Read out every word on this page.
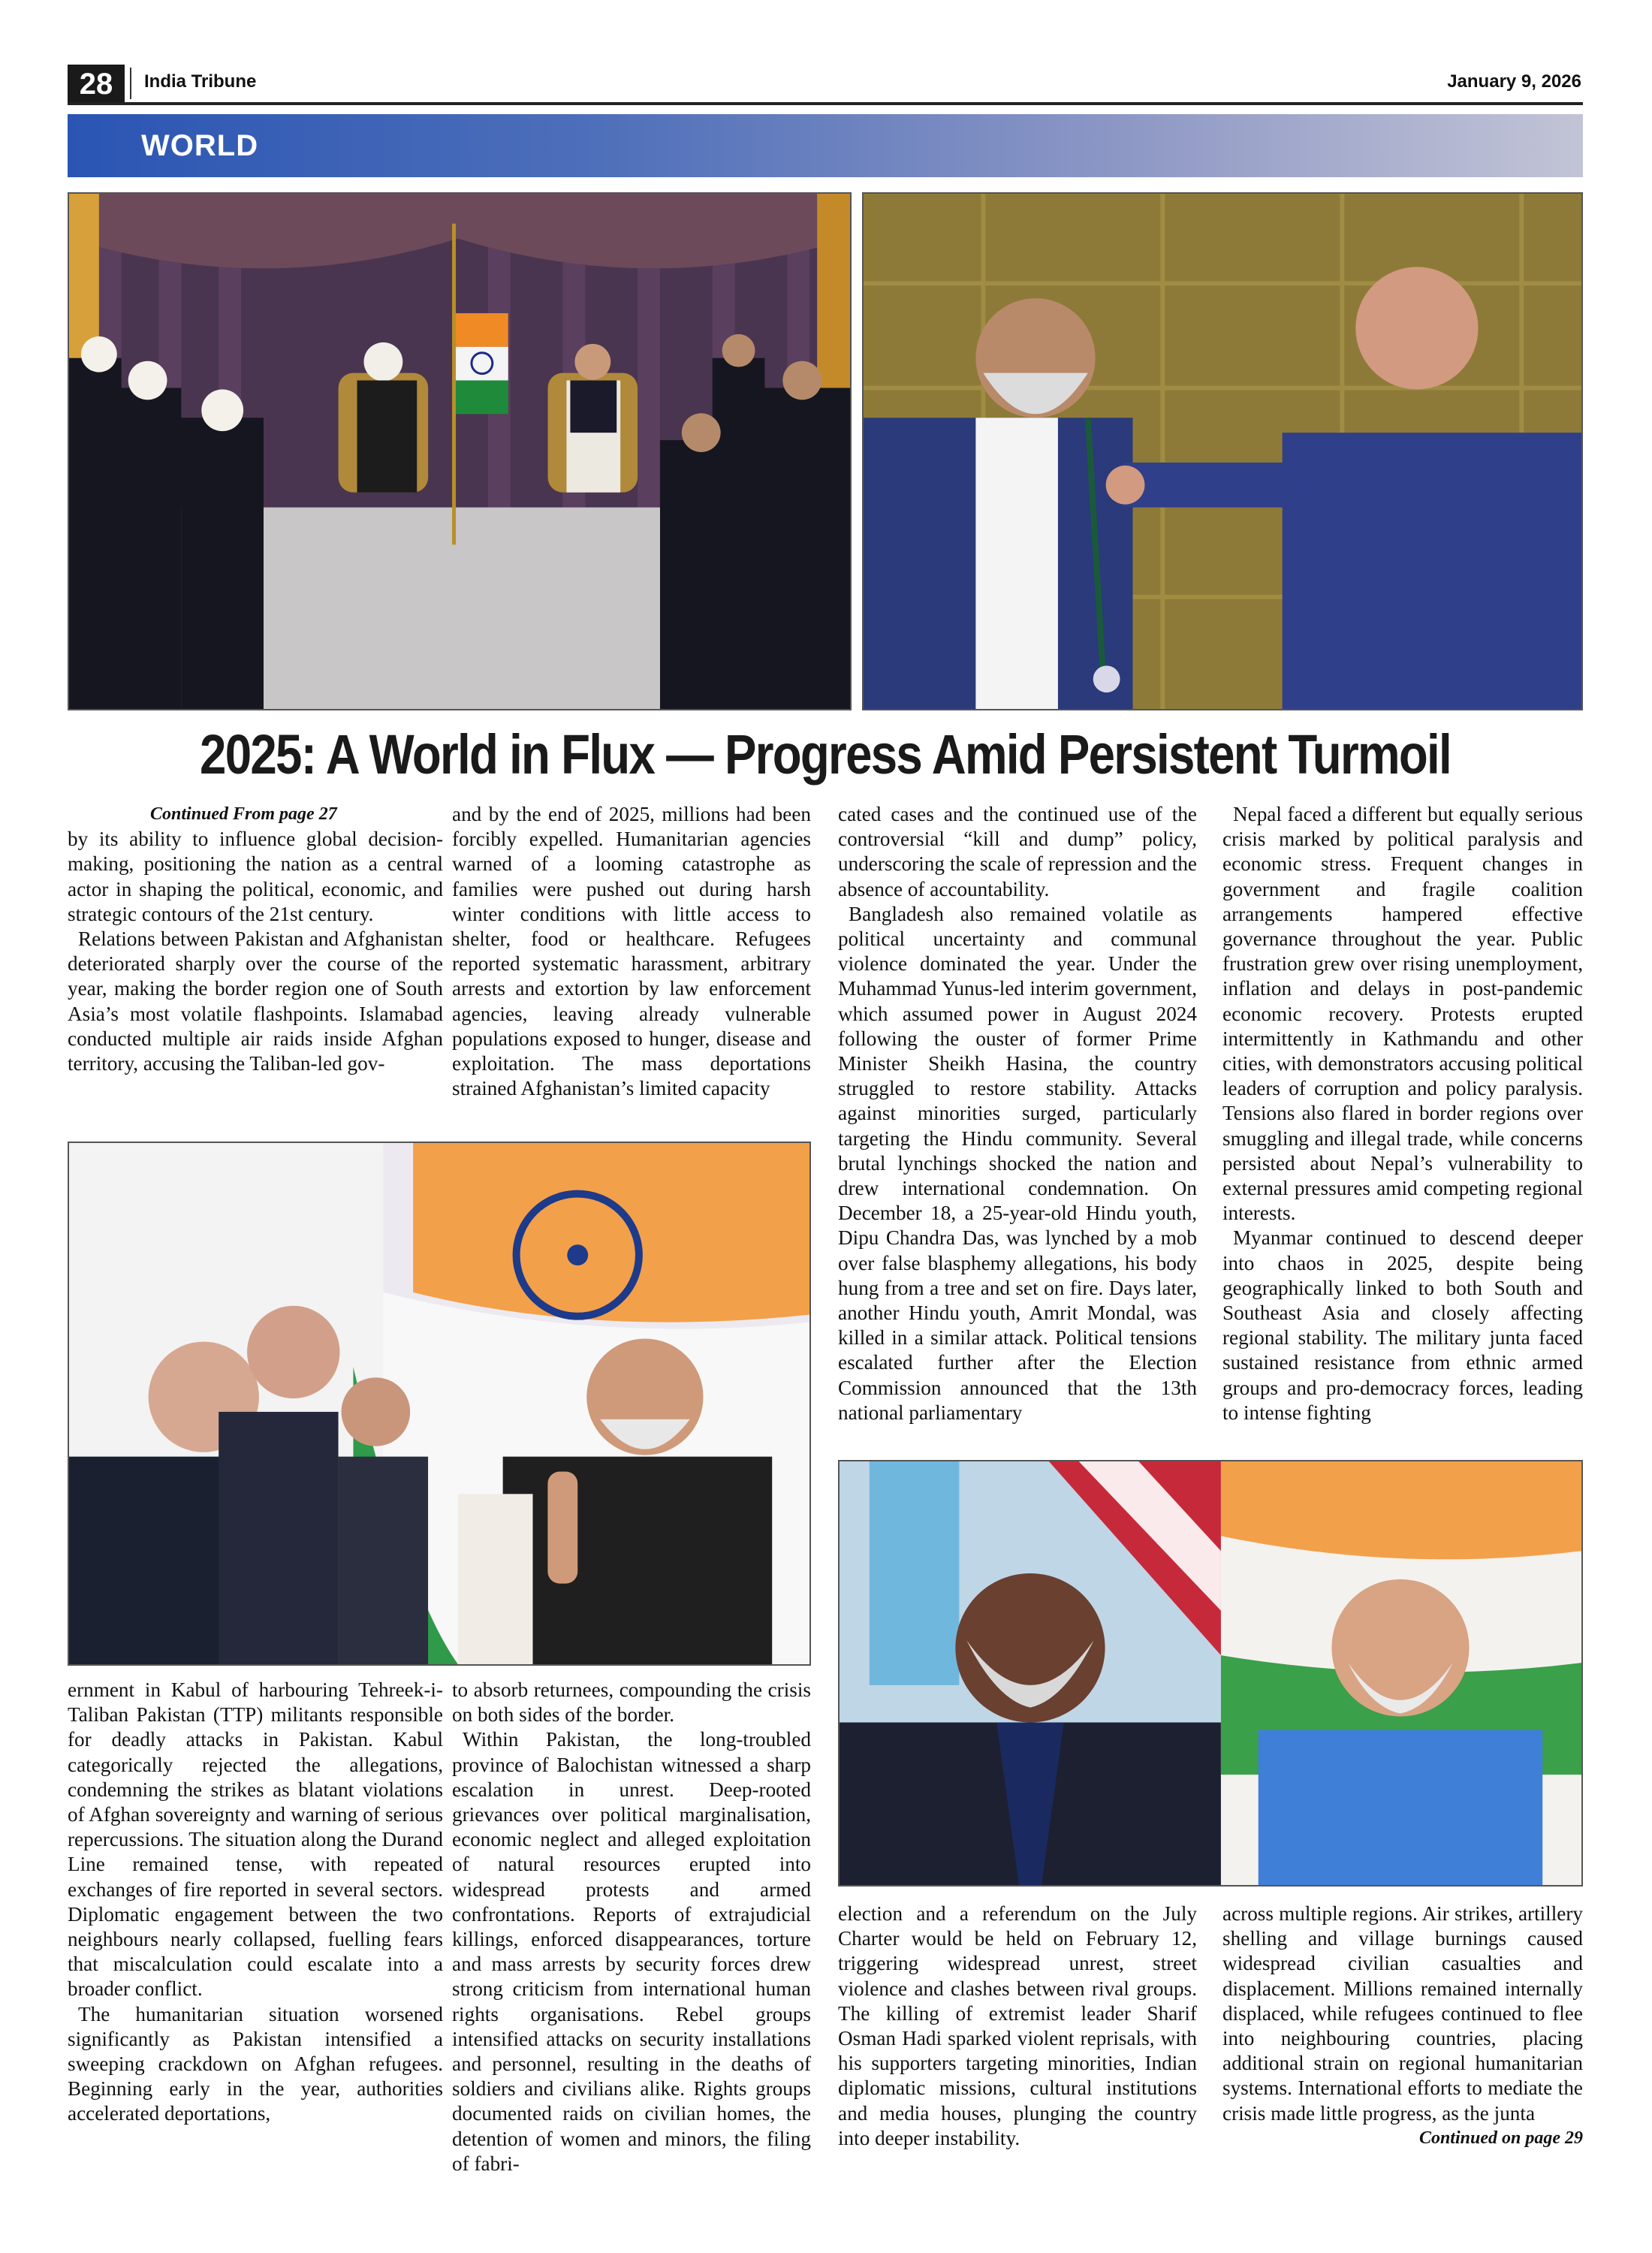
28	India Tribune	January 9, 2026
WORLD
2025: A World in Flux — Progress Amid Persistent Turmoil

Continued From page 27

by its ability to influence global decision-making, positioning the nation as a central actor in shaping the political, economic, and strategic contours of the 21st century.

Relations between Pakistan and Afghanistan deteriorated sharply over the course of the year, making the border region one of South Asia’s most volatile flashpoints. Islamabad conducted multiple air raids inside Afghan territory, accusing the Taliban-led gov-

and by the end of 2025, millions had been forcibly expelled. Humanitarian agencies warned of a looming catastrophe as families were pushed out during harsh winter conditions with little access to shelter, food or healthcare. Refugees reported systematic harassment, arbitrary arrests and extortion by law enforcement agencies, leaving already vulnerable populations exposed to hunger, disease and exploitation. The mass deportations strained Afghanistan’s limited capacity

cated cases and the continued use of the controversial “kill and dump” policy, underscoring the scale of repression and the absence of accountability.

Bangladesh also remained volatile as political uncertainty and communal violence dominated the year. Under the Muhammad Yunus-led interim government, which assumed power in August 2024 following the ouster of former Prime Minister Sheikh Hasina, the country struggled to restore stability. Attacks against minorities surged, particularly targeting the Hindu community. Several brutal lynchings shocked the nation and drew international condemnation. On December 18, a 25-year-old Hindu youth, Dipu Chandra Das, was lynched by a mob over false blasphemy allegations, his body hung from a tree and set on fire. Days later, another Hindu youth, Amrit Mondal, was killed in a similar attack. Political tensions escalated further after the Election Commission announced that the 13th national parliamentary

Nepal faced a different but equally serious crisis marked by political paralysis and economic stress. Frequent changes in government and fragile coalition arrangements hampered effective governance throughout the year. Public frustration grew over rising unemployment, inflation and delays in post-pandemic economic recovery. Protests erupted intermittently in Kathmandu and other cities, with demonstrators accusing political leaders of corruption and policy paralysis. Tensions also flared in border regions over smuggling and illegal trade, while concerns persisted about Nepal’s vulnerability to external pressures amid competing regional interests.

Myanmar continued to descend deeper into chaos in 2025, despite being geographically linked to both South and Southeast Asia and closely affecting regional stability. The military junta faced sustained resistance from ethnic armed groups and pro-democracy forces, leading to intense fighting

ernment in Kabul of harbouring Tehreek-i-Taliban Pakistan (TTP) militants responsible for deadly attacks in Pakistan. Kabul categorically rejected the allegations, condemning the strikes as blatant violations of Afghan sovereignty and warning of serious repercussions. The situation along the Durand Line remained tense, with repeated exchanges of fire reported in several sectors. Diplomatic engagement between the two neighbours nearly collapsed, fuelling fears that miscalculation could escalate into a broader conflict.

The humanitarian situation worsened significantly as Pakistan intensified a sweeping crackdown on Afghan refugees. Beginning early in the year, authorities accelerated deportations,

to absorb returnees, compounding the crisis on both sides of the border.

Within Pakistan, the long-troubled province of Balochistan witnessed a sharp escalation in unrest. Deep-rooted grievances over political marginalisation, economic neglect and alleged exploitation of natural resources erupted into widespread protests and armed confrontations. Reports of extrajudicial killings, enforced disappearances, torture and mass arrests by security forces drew strong criticism from international human rights organisations. Rebel groups intensified attacks on security installations and personnel, resulting in the deaths of soldiers and civilians alike. Rights groups documented raids on civilian homes, the detention of women and minors, the filing of fabri-

election and a referendum on the July Charter would be held on February 12, triggering widespread unrest, street violence and clashes between rival groups. The killing of extremist leader Sharif Osman Hadi sparked violent reprisals, with his supporters targeting minorities, Indian diplomatic missions, cultural institutions and media houses, plunging the country into deeper instability.

across multiple regions. Air strikes, artillery shelling and village burnings caused widespread civilian casualties and displacement. Millions remained internally displaced, while refugees continued to flee into neighbouring countries, placing additional strain on regional humanitarian systems. International efforts to mediate the crisis made little progress, as the junta

Continued on page 29
